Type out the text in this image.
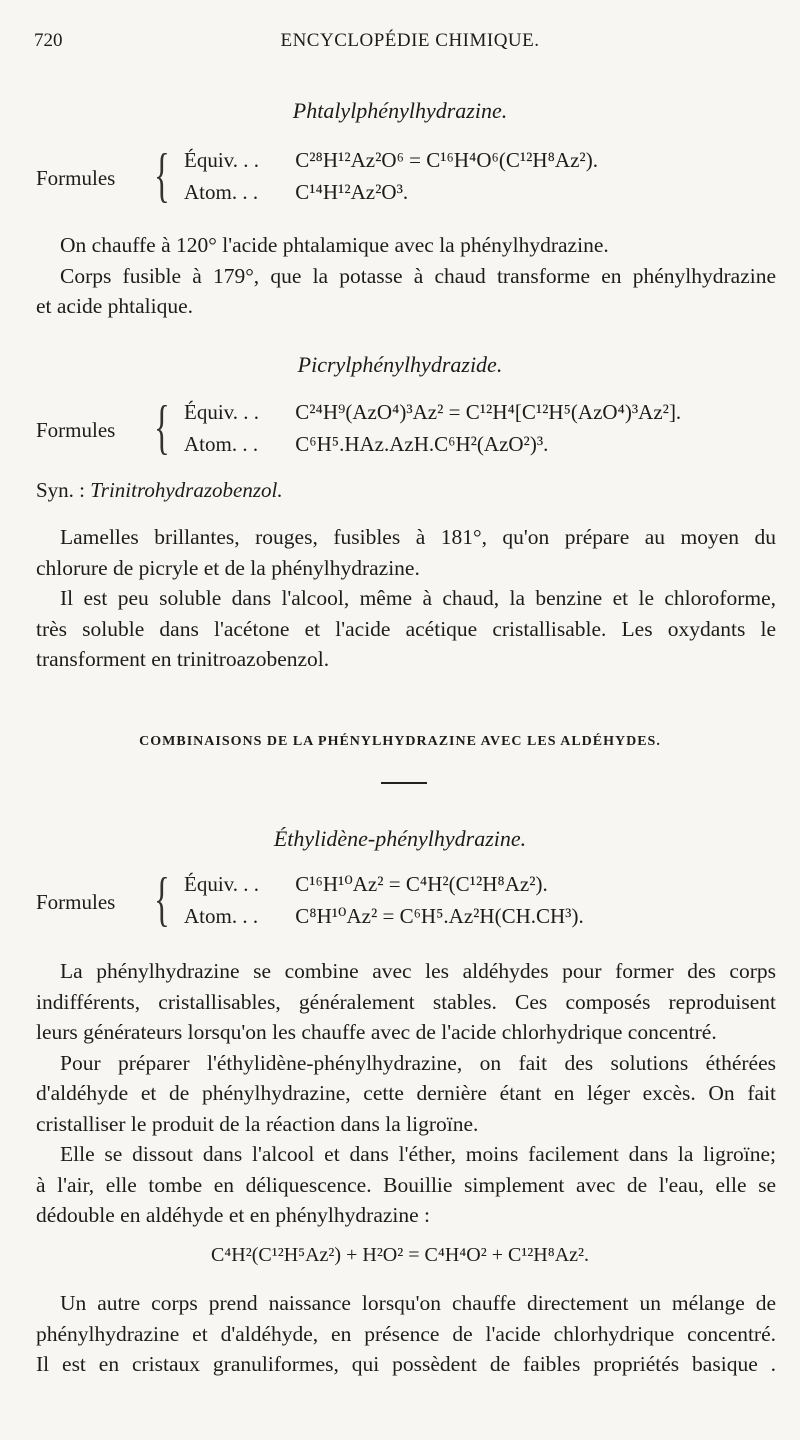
720	ENCYCLOPÉDIE CHIMIQUE.
Phtalylphénylhydrazine.
Formules { Équiv. . . C²⁸H¹²Az²O⁶ = C¹⁶H⁴O⁶(C¹²H⁸Az²).
Atom. . . C¹⁴H¹²Az²O³.
On chauffe à 120° l'acide phtalamique avec la phénylhydrazine.
Corps fusible à 179°, que la potasse à chaud transforme en phénylhydrazine
et acide phtalique.
Picrylphénylhydrazide.
Formules { Équiv. . . C²⁴H⁹(AzO⁴)³Az² = C¹²H⁴[C¹²H⁵(AzO⁴)³Az²].
Atom. . . C⁶H⁵.HAz.AzH.C⁶H²(AzO²)³.
Syn. : Trinitrohydrazobenzol.
Lamelles brillantes, rouges, fusibles à 181°, qu'on prépare au moyen du
chlorure de picryle et de la phénylhydrazine.
Il est peu soluble dans l'alcool, même à chaud, la benzine et le chloroforme,
très soluble dans l'acétone et l'acide acétique cristallisable. Les oxydants le
transforment en trinitroazobenzol.
COMBINAISONS DE LA PHÉNYLHYDRAZINE AVEC LES ALDÉHYDES.
Éthylidène-phénylhydrazine.
Formules { Équiv. . . C¹⁶H¹⁰Az² = C⁴H²(C¹²H⁸Az²).
Atom. . . C⁸H¹⁰Az² = C⁶H⁵.Az²H(CH.CH³).
La phénylhydrazine se combine avec les aldéhydes pour former des corps
indifférents, cristallisables, généralement stables. Ces composés reproduisent
leurs générateurs lorsqu'on les chauffe avec de l'acide chlorhydrique concentré.
Pour préparer l'éthylidène-phénylhydrazine, on fait des solutions éthérées
d'aldéhyde et de phénylhydrazine, cette dernière étant en léger excès. On fait
cristalliser le produit de la réaction dans la ligroïne.
Elle se dissout dans l'alcool et dans l'éther, moins facilement dans la ligroïne;
à l'air, elle tombe en déliquescence. Bouillie simplement avec de l'eau, elle se
dédouble en aldéhyde et en phénylhydrazine :
C⁴H²(C¹²H⁵Az²) + H²O² = C⁴H⁴O² + C¹²H⁸Az².
Un autre corps prend naissance lorsqu'on chauffe directement un mélange de
phénylhydrazine et d'aldéhyde, en présence de l'acide chlorhydrique concentré.
Il est en cristaux granuliformes, qui possèdent de faibles propriétés basique .
